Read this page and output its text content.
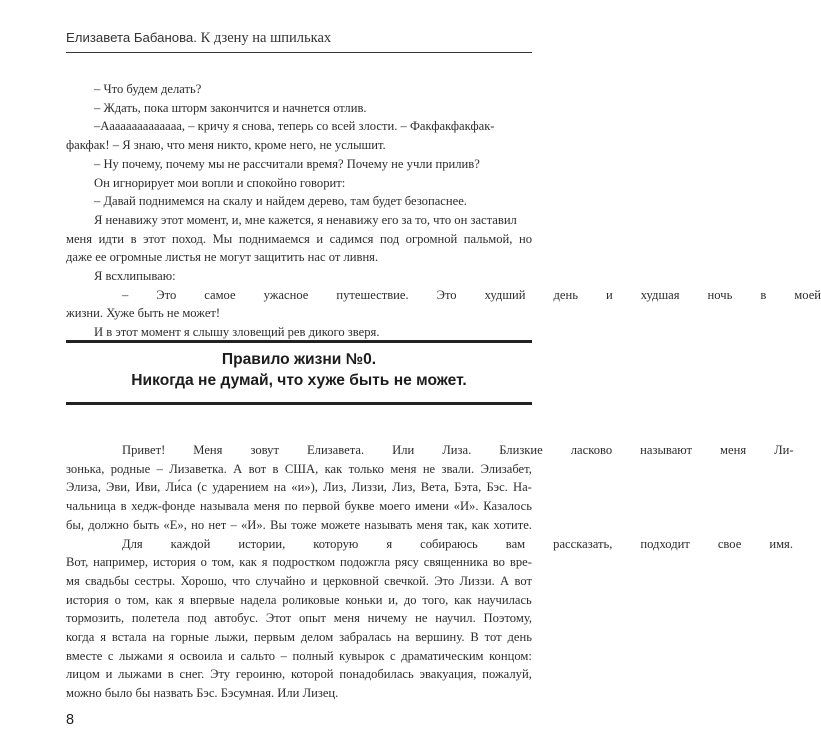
Елизавета Бабанова. К дзену на шпильках

– Что будем делать?

– Ждать, пока шторм закончится и начнется отлив.

–Аааааааааааааа, – кричу я снова, теперь со всей злости. – Факфакфакфак-

факфак! – Я знаю, что меня никто, кроме него, не услышит.

– Ну почему, почему мы не рассчитали время? Почему не учли прилив?

Он игнорирует мои вопли и спокойно говорит:

– Давай поднимемся на скалу и найдем дерево, там будет безопаснее.

Я ненавижу этот момент, и, мне кажется, я ненавижу его за то, что он заставил

меня идти в этот поход. Мы поднимаемся и садимся под огромной пальмой, но

даже ее огромные листья не могут защитить нас от ливня.

Я всхлипываю:

–	Это	самое	ужасное	путешествие.	Это	худший	день	и	худшая	ночь	в	моей

жизни. Хуже быть не может!

И в этот момент я слышу зловещий рев дикого зверя.

Правило жизни №0.
Никогда не думай, что хуже быть не может.

Привет!	Меня	зовут	Елизавета.	Или	Лиза.	Близкие	ласково	называют	меня	Ли-

зонька, родные – Лизаветка. А вот в США, как только меня не звали. Элизабет,

Элиза, Эви, Иви, Ли́са (с ударением на «и»), Лиз, Лиззи, Лиз, Вета, Бэта, Бэс. На-

чальница в хедж-фонде называла меня по первой букве моего имени «И». Казалось

бы, должно быть «Е», но нет – «И». Вы тоже можете называть меня так, как хотите.

Для	каждой	истории,	которую	я	собираюсь	вам	рассказать,	подходит	свое	имя.

Вот, например, история о том, как я подростком подожгла рясу священника во вре-

мя свадьбы сестры. Хорошо, что случайно и церковной свечкой. Это Лиззи. А вот

история о том, как я впервые надела роликовые коньки и, до того, как научилась

тормозить, полетела под автобус. Этот опыт меня ничему не научил. Поэтому,

когда я встала на горные лыжи, первым делом забралась на вершину. В тот день

вместе с лыжами я освоила и сальто – полный кувырок с драматическим концом:

лицом и лыжами в снег. Эту героиню, которой понадобилась эвакуация, пожалуй,

можно было бы назвать Бэс. Бэсумная. Или Лизец.

8
